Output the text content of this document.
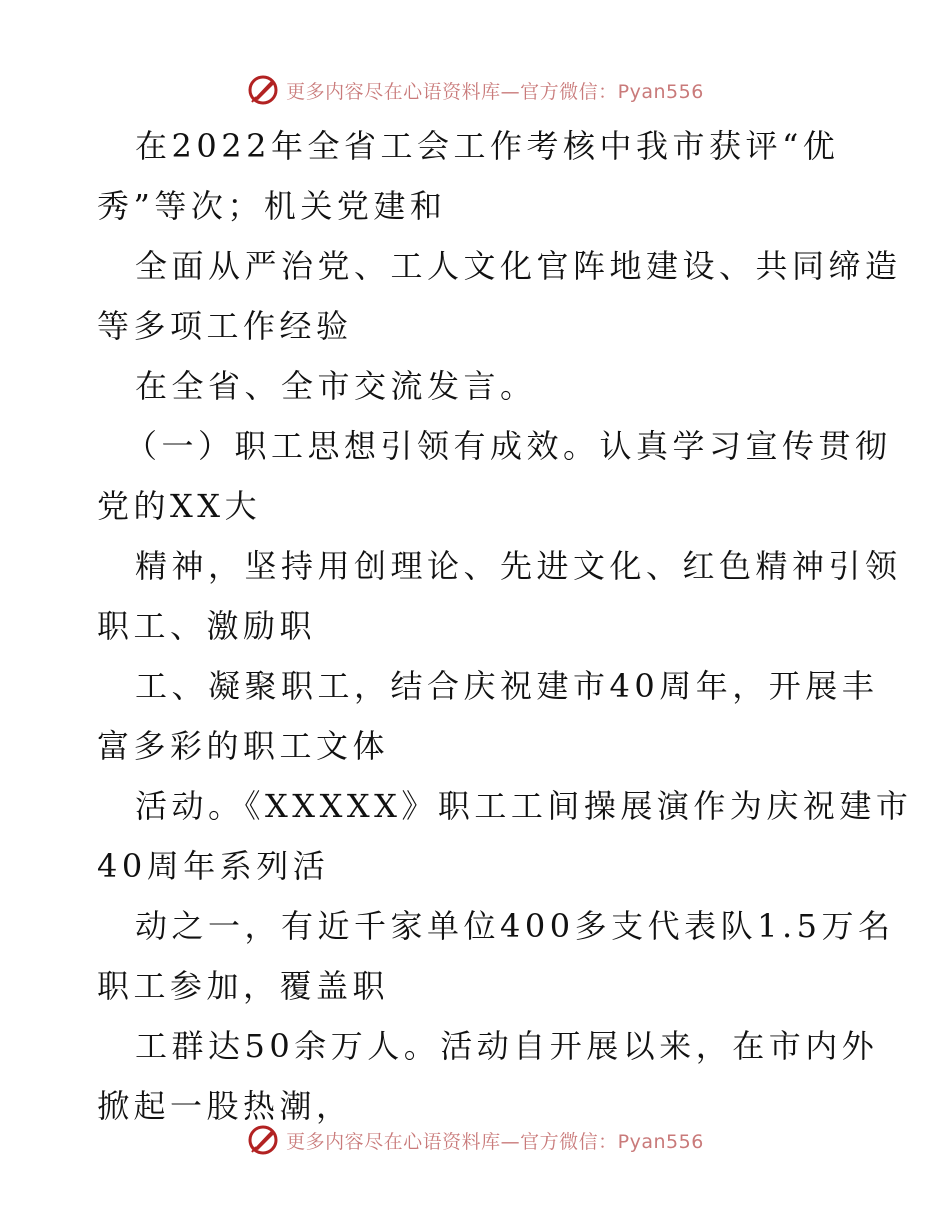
更多内容尽在心语资料库—官方微信：Pyan556
在2022年全省工会工作考核中我市获评“优
秀”等次；机关党建和
全面从严治党、工人文化官阵地建设、共同缔造
等多项工作经验
在全省、全市交流发言。
（一）职工思想引领有成效。认真学习宣传贯彻
党的XX大
精神，坚持用创理论、先进文化、红色精神引领
职工、激励职
工、凝聚职工，结合庆祝建市40周年，开展丰
富多彩的职工文体
活动。《XXXXX》职工工间操展演作为庆祝建市
40周年系列活
动之一，有近千家单位400多支代表队1.5万名
职工参加，覆盖职
工群达50余万人。活动自开展以来，在市内外
掀起一股热潮，
更多内容尽在心语资料库—官方微信：Pyan556
